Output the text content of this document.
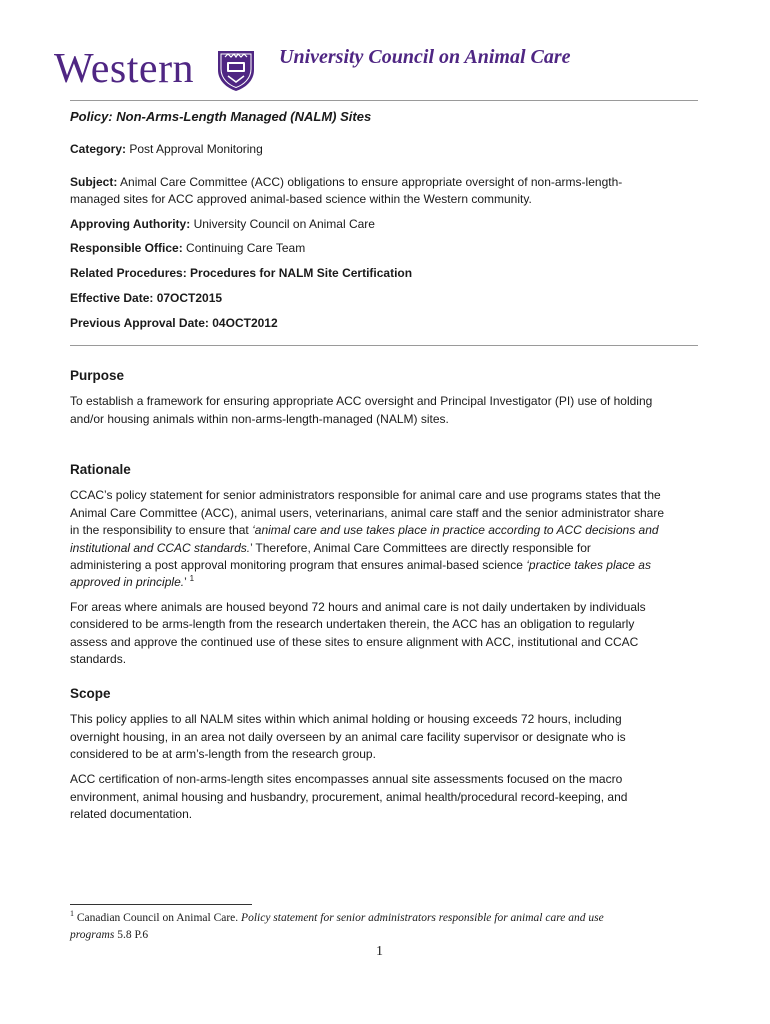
Western	University Council on Animal Care
Policy: Non-Arms-Length Managed (NALM) Sites
Category: Post Approval Monitoring
Subject: Animal Care Committee (ACC) obligations to ensure appropriate oversight of non-arms-length-
managed sites for ACC approved animal-based science within the Western community.
Approving Authority: University Council on Animal Care
Responsible Office: Continuing Care Team
Related Procedures: Procedures for NALM Site Certification
Effective Date: 07OCT2015
Previous Approval Date: 04OCT2012
Purpose

To establish a framework for ensuring appropriate ACC oversight and Principal Investigator (PI) use of holding

and/or housing animals within non-arms-length-managed (NALM) sites.

Rationale

CCAC’s policy statement for senior administrators responsible for animal care and use programs states that the

Animal Care Committee (ACC), animal users, veterinarians, animal care staff and the senior administrator share

in the responsibility to ensure that ‘animal care and use takes place in practice according to ACC decisions and

institutional and CCAC standards.’ Therefore, Animal Care Committees are directly responsible for

administering a post approval monitoring program that ensures animal-based science ‘practice takes place as

approved in principle.’ $^1$

For areas where animals are housed beyond 72 hours and animal care is not daily undertaken by individuals

considered to be arms-length from the research undertaken therein, the ACC has an obligation to regularly

assess and approve the continued use of these sites to ensure alignment with ACC, institutional and CCAC

standards.

Scope

This policy applies to all NALM sites within which animal holding or housing exceeds 72 hours, including

overnight housing, in an area not daily overseen by an animal care facility supervisor or designate who is

considered to be at arm’s-length from the research group.

ACC certification of non-arms-length sites encompasses annual site assessments focused on the macro

environment, animal housing and husbandry, procurement, animal health/procedural record-keeping, and

related documentation.

$^1$ Canadian Council on Animal Care. Policy statement for senior administrators responsible for animal care and use
programs 5.8 P.6
1
